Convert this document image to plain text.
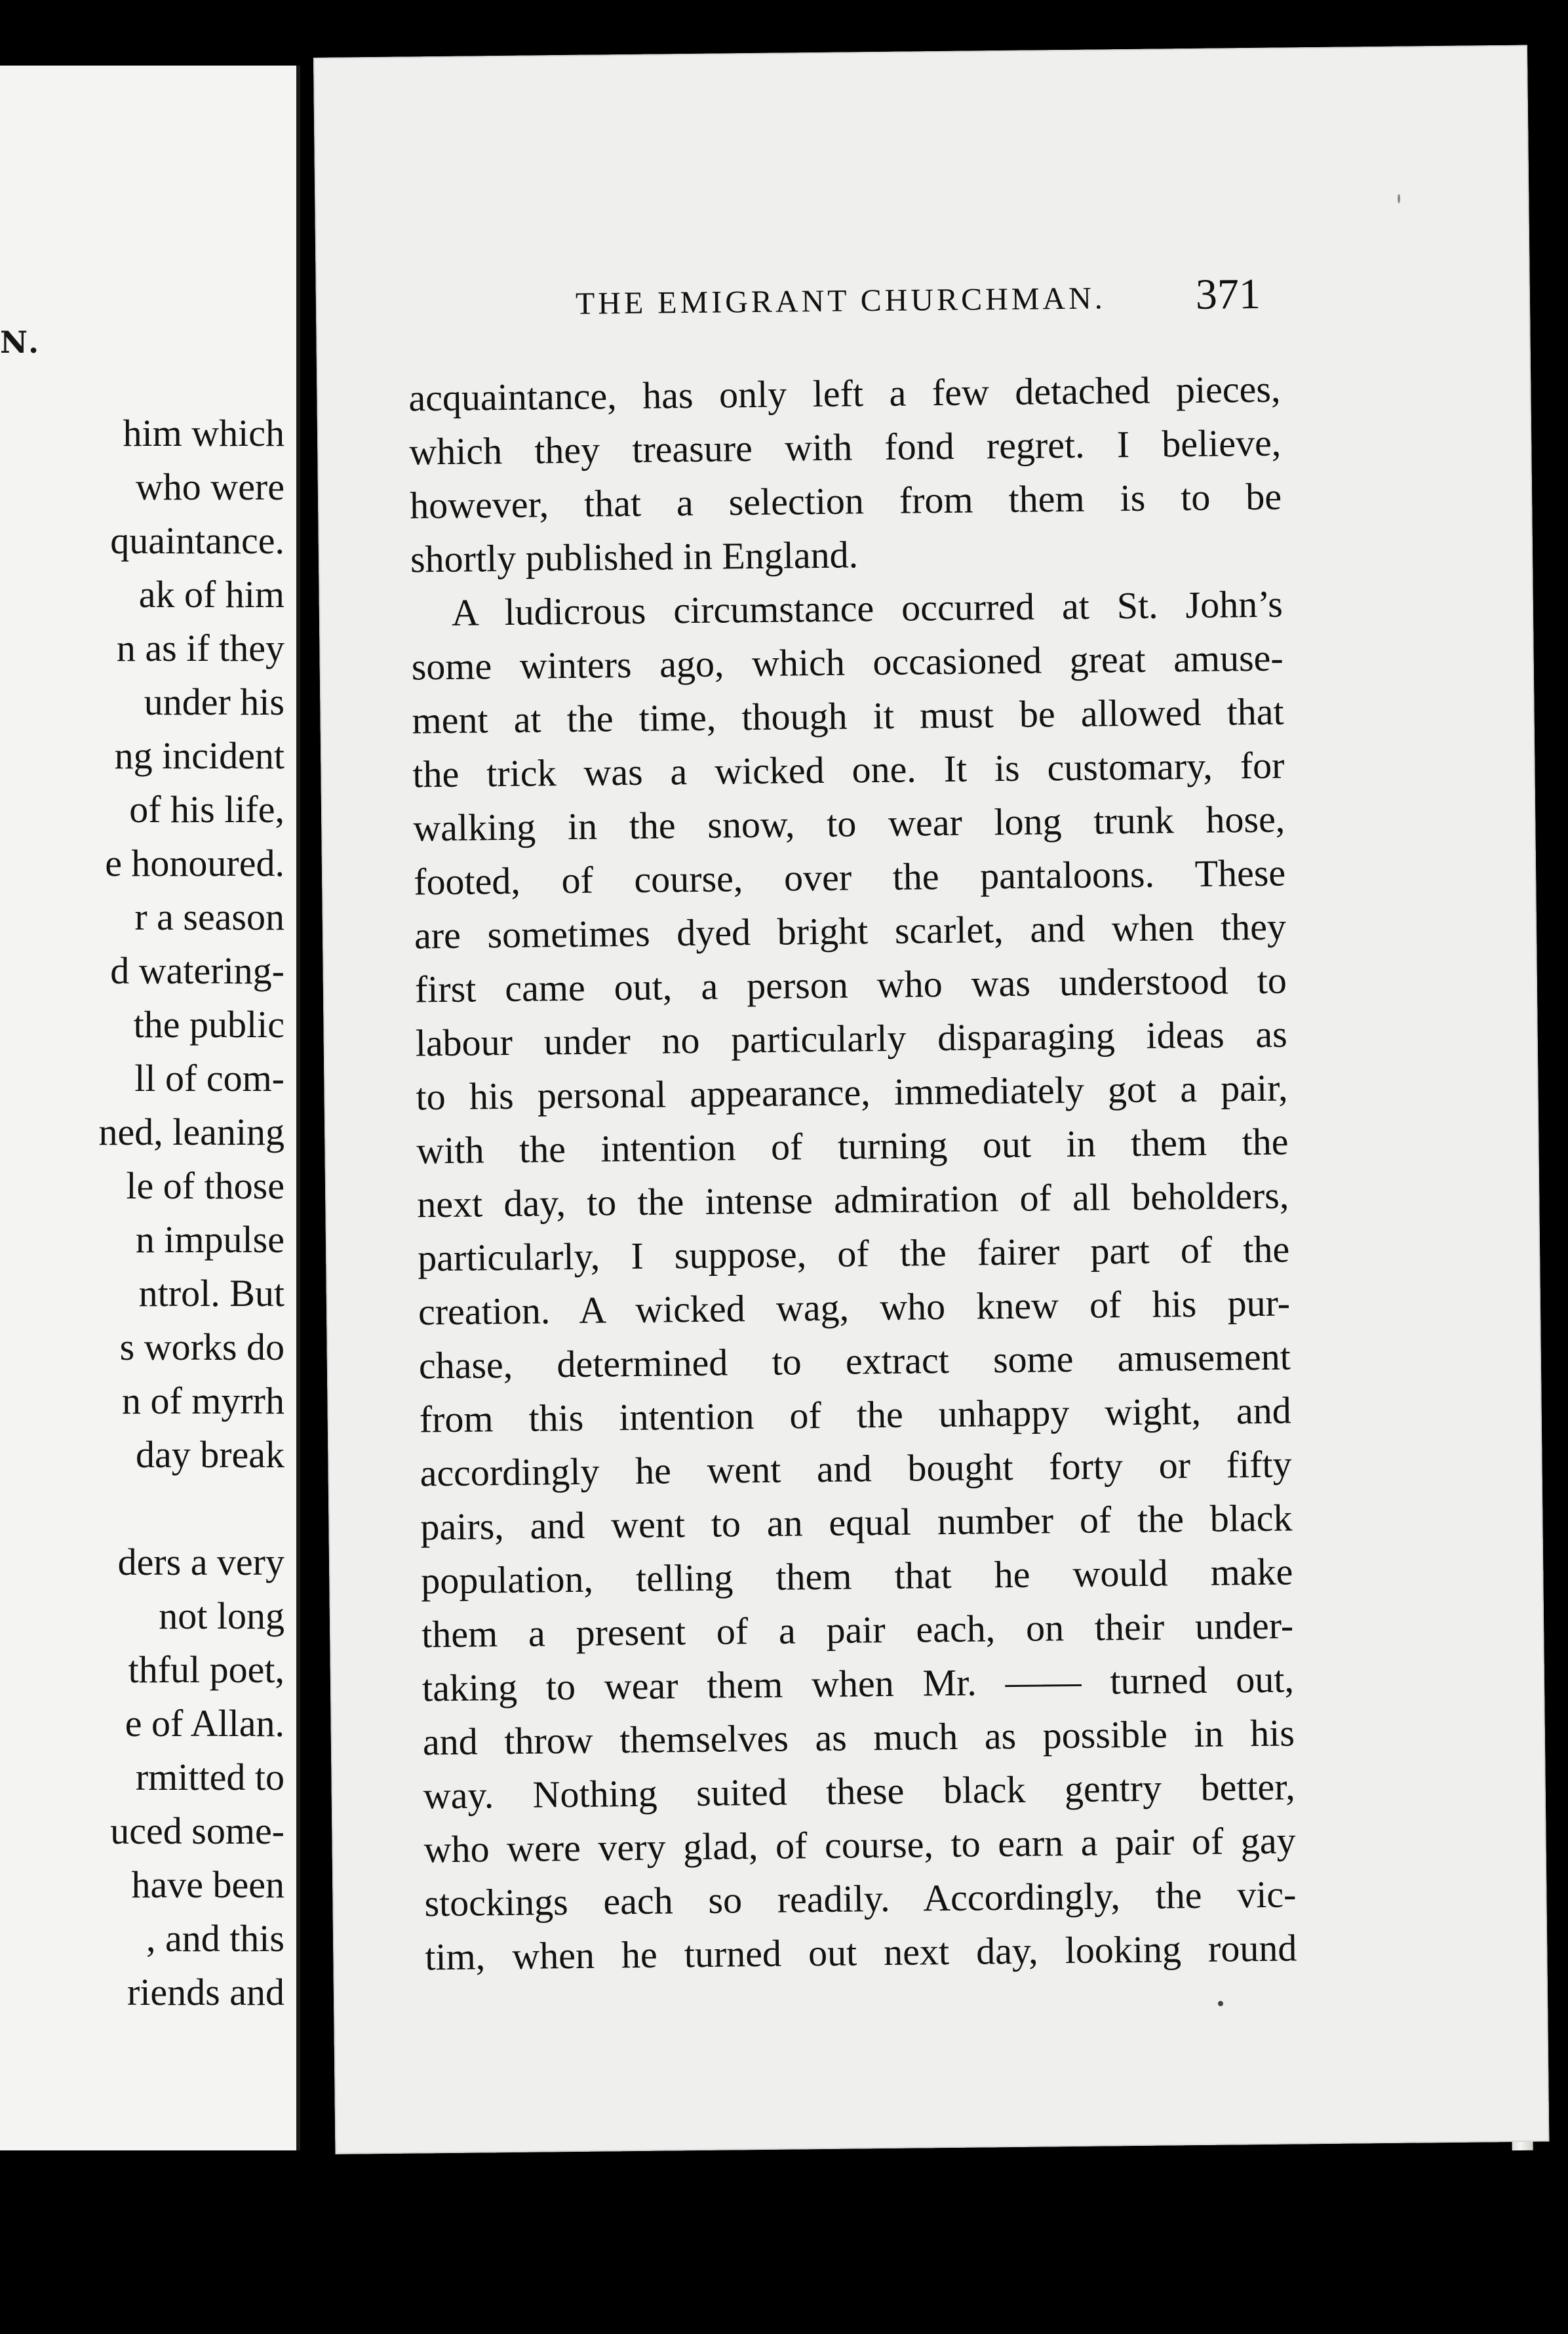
N.
him which
who were
quaintance.
ak of him
n as if they
under his
ng incident
of his life,
e honoured.
r a season
d watering-
the public
ll of com-
ned, leaning
le of those
n impulse
ntrol. But
s works do
n of myrrh
day break
ders a very
not long
thful poet,
e of Allan.
rmitted to
uced some-
have been
, and this
riends and
THE EMIGRANT CHURCHMAN.	371
acquaintance, has only left a few detached pieces,
which they treasure with fond regret. I believe,
however, that a selection from them is to be
shortly published in England.
A ludicrous circumstance occurred at St. John’s
some winters ago, which occasioned great amuse-
ment at the time, though it must be allowed that
the trick was a wicked one. It is customary, for
walking in the snow, to wear long trunk hose,
footed, of course, over the pantaloons. These
are sometimes dyed bright scarlet, and when they
first came out, a person who was understood to
labour under no particularly disparaging ideas as
to his personal appearance, immediately got a pair,
with the intention of turning out in them the
next day, to the intense admiration of all beholders,
particularly, I suppose, of the fairer part of the
creation. A wicked wag, who knew of his pur-
chase, determined to extract some amusement
from this intention of the unhappy wight, and
accordingly he went and bought forty or fifty
pairs, and went to an equal number of the black
population, telling them that he would make
them a present of a pair each, on their under-
taking to wear them when Mr. —— turned out,
and throw themselves as much as possible in his
way. Nothing suited these black gentry better,
who were very glad, of course, to earn a pair of gay
stockings each so readily. Accordingly, the vic-
tim, when he turned out next day, looking round
